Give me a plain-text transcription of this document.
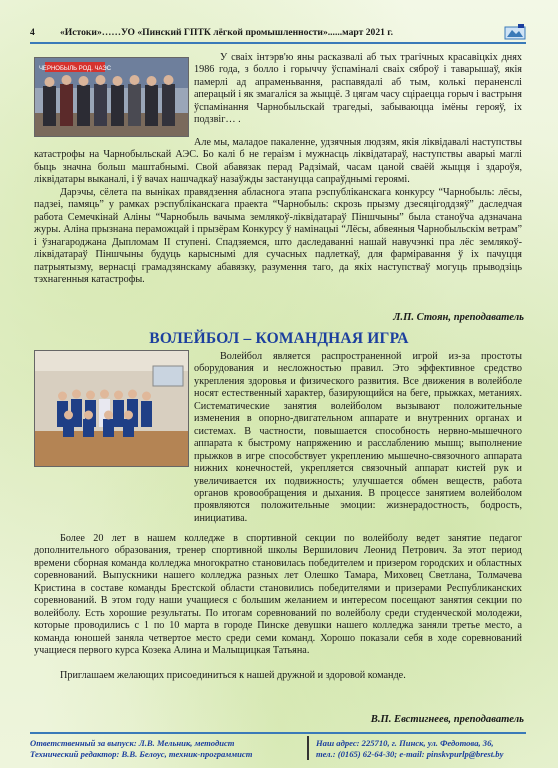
4	«Истоки»……УО «Пинский ГПТК лёгкой промышленности»......март 2021 г.
ЧЕРНОБЫЛЬ РОД. ЧАЭС

У сваіх інтэрв'ю яны расказвалі аб тых трагічных красавіцкіх днях 1986 года, з болло і горыччу ўспаміналі сваіх сяброў і таварышаў, якія памерлі ад апраменьвання, распавядалі аб тым, колькі пераненслі аперацый і як змагаліся за жыццё. З цягам часу сціраецца горыч і вастрыня ўспамінання Чарнобыльскай трагедыі, забываюцца імёны герояў, іх подзвіг… .

Але мы, маладое пакаленне, удзячныя людзям, якія ліквідавалі наступствы катастрофы на Чарнобыльскай АЭС. Бо калі б не гераізм і мужнасць ліквідатараў, наступствы аварыі маглі быць значна больш маштабнымі. Свой абавязак перад Радзімай, часам цаной сваёй жыцця і здароўя, ліквідатары выканалі, і ў вачах нашчадкаў назаўжды застануцца сапраўднымі героямі.

Дарэчы, сёлета па выніках правядзення абласнога этапа рэспубліканскага конкурсу “Чарнобыль: лёсы, падзеі, памяць” у рамках рэспубліканскага праекта “Чарнобыль: скрозь прызму дзесяцігоддзяў” даследчая работа Семечкінай Аліны “Чарнобыль вачыма землякоў-ліквідатараў Піншчыны” была станоўча адзначана журы. Аліна прызнана пераможцай і прызёрам Конкурсу ў намінацыі “Лёсы, абвеяныя Чарнобыльскім ветрам” і ўзнагароджана Дыпломам ІІ ступені. Спадзяемся, што даследаванні нашай навучэнкі пра лёс землякоў-ліквідатараў Піншчыны будуць карыснымі для сучасных падлеткаў, для фарміравання ў іх пачуцця патрыятызму, вернасці грамадзянскаму абавязку, разумення таго, да якіх наступстваў могуць прыводзіць тэхнагенныя катастрофы.

Л.П. Стоян, преподаватель
ВОЛЕЙБОЛ – КОМАНДНАЯ ИГРА

Волейбол является распространенной игрой из-за простоты оборудования и несложностью правил. Это эффективное средство укрепления здоровья и физического развития. Все движения в волейболе носят естественный характер, базирующийся на беге, прыжках, метаниях. Систематические занятия волейболом вызывают положительные изменения в опорно-двигательном аппарате и внутренних органах и системах. В частности, повышается способность нервно-мышечного аппарата к быстрому напряжению и расслаблению мышц; выполнение прыжков в игре способствует укреплению мышечно-связочного аппарата нижних конечностей, укрепляется связочный аппарат кистей рук и увеличивается их подвижность; улучшается обмен веществ, работа органов кровообращения и дыхания. В процессе занятием волейболом проявляются положительные эмоции: жизнерадостность, бодрость, инициатива.

Более 20 лет в нашем колледже в спортивной секции по волейболу ведет занятие педагог дополнительного образования, тренер спортивной школы Вершилович Леонид Петрович. За этот период времени сборная команда колледжа многократно становилась победителем и призером городских и областных соревнований. Выпускники нашего колледжа разных лет Олешко Тамара, Миховец Светлана, Толмачева Кристина в составе команды Брестской области становились победителями и призерами Республиканских соревнований. В этом году наши учащиеся с большим желанием и интересом посещают занятия секции по волейболу. Есть хорошие результаты. По итогам соревнований по волейболу среди студенческой молодежи, которые проводились с 1 по 10 марта в городе Пинске девушки нашего колледжа заняли третье место, а команда юношей заняла четвертое место среди семи команд. Хорошо показали себя в ходе соревнований учащиеся первого курса Козека Алина и Малыщицкая Татьяна.

Приглашаем желающих присоединиться к нашей дружной и здоровой команде.

В.П. Евстигнеев, преподаватель
Ответственный за выпуск: Л.В. Мельник, методист
Технический редактор: В.В. Белоус, техник-программист
Наш адрес: 225710, г. Пинск, ул. Федотова, 36,
тел.: (0165) 62-64-30; e-mail: pinskvpurlp@brest.by
